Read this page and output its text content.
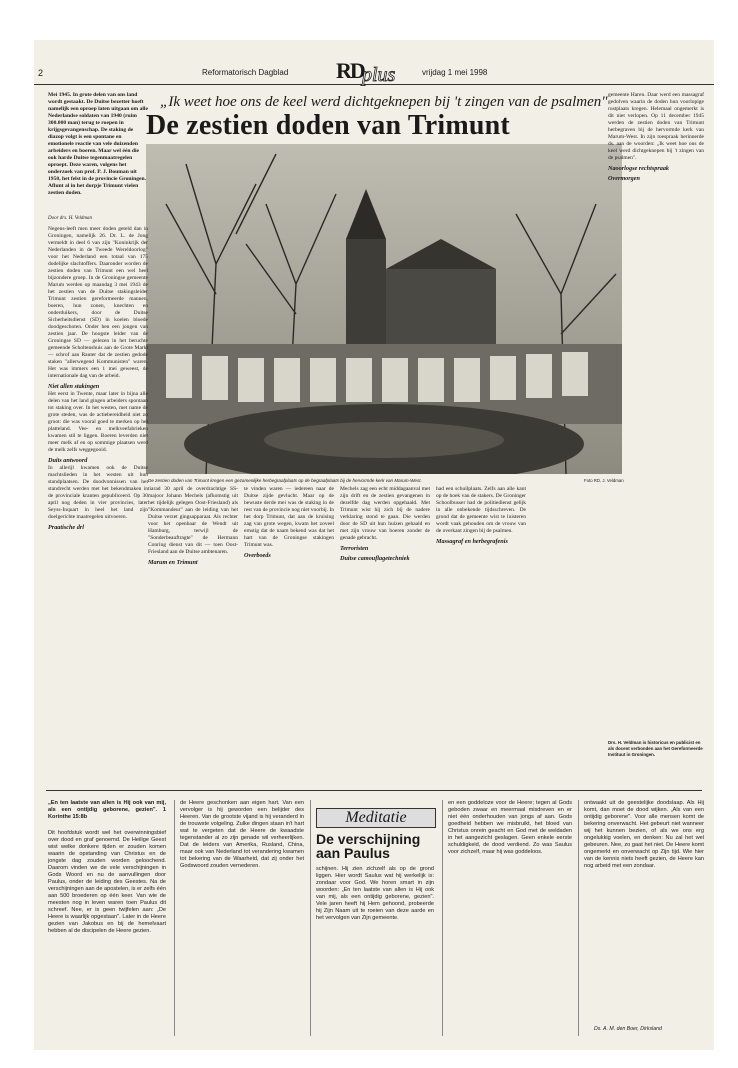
2	Reformatorisch Dagblad RD
plus	vrijdag 1 mei 1998
Mei 1945. In grote delen van ons land wordt gestaakt. De Duitse bezetter hoeft namelijk een oproep laten uitgaan om alle Nederlandse soldaten van 1940 (ruim 300.000 man) terug te roepen in krijgsgevangenschap. De staking de diazop volgt is een spontane en emotionele reactie van vele duizenden arbeiders en boeren. Maar wel één die ook harde Duitse tegenmaatregelen oproept. Deze waren, volgens het onderzoek van prof. P. J. Bouman uit 1950, het felst in de provincie Groningen. Aflunt al in het dorpje Trimunt vielen zestien doden.
Door drs. H. Veldman
„Ik weet hoe ons de keel werd dichtgeknepen bij 't zingen van de psalmen"
De zestien doden van Trimunt
De zestien doden van Trimunt kregen een gezamenlijke herbegraafplaats op de begraafplaats bij de hervormde kerk van Marum-West.	Foto RD, J. Veldman
Negens-leeft men meer doden geteld dan in Groningen, namelijk 26. Dr. L. de Jong vermeldt in deel 6 van zijn "Koninkrijk der Nederlanden in de Tweede Wereldoorlog" voor het Nederland een totaal van 175 dodelijke slachtoffers. Daaronder worden de zestien doden van Trimunt een wel heel bijzondere groep. In de Groningse gemeente Marum werden op maandag 3 mei 1943 de het zestien van de Duitse stakingsleider Trimunt zestien gereformeerde mannen, boeren, hun zonen, knechten en onderduikers, door de Duitse Sicherheitsdienst (SD) in koelen bloede doodgeschoten. Onder hen een jongen van zestien jaar. De hoogste leider van de Groningse SD — gelezen in het beruchte gemeende Scholtenshuis aan de Grote Markt — schrof aan Rauter dat de zestien gedode staken "allerwegend Kommunisten" waren. Het was immers een 1 mei geweest, de internationale dag van de arbeid.
Niet allen stakingen
Het eerst in Twente, maar later in bijna alle delen van het land gingen arbeiders spontaan tot staking over. In het westen, met name de grote steden, was de actiebereidheid niet zo groot: die was vooral goed te merken op het platteland. Vee- en melkveefabrieken kwamen stil te liggen. Boeren leverden niet meer melk af en op sommige plaatsen werd de melk zelfs weggegooid.
Duits antwoord
In allerijl kwamen ook de Duitse machtslieden in het westen uit hun standplaatsen. De doodvonnissen van het standrecht werden met het bekendmaken in de provinciale kranten gepubliceerd. Op 30 april nog deden in vier provincies, later Seyss-Inquart in heel het land zijn doelgerichte maatregelen uitvoeren.
Praatische drl
tiarad 30 april de overdrachtige SS-majoor Johann Mechels (afkomstig uit het tijdelijk gelegen Oost-Friesland) als "Kommandeur" aan de leiding van het Duitse verzet gingsapparaat. Als rechter voor het openbaar de Wendt uit Hamburg, terwijl de "Sonderbeauftragte" de Hermann Conring dienst van dit — toen Oost-Friesland aan de Duitse ambtenaren.
Marum en Trimunt
te vinden waren — iedereen naar de Duitse zijde gevlucht. Maar op de bewuste derde mei was de staking in de rest van de provincie nog niet voorbij. In het dorp Trimunt, dat aan de kruising zag van grote wegen, kwam het zoveel ernstig dat de naam bekend was dat het hart van de Groningse stakingen Trimunt was.
Overboeds
Mechels zag een echt middagaanval met zijn drift en de zestien gevangenen in dezelfde dag werden opgehaald. Met Trimunt wist hij zich bij de nadere verklaring stond te gaan. Die werden door de SD uit hun huizen gehaald en met zijn vrouw van boeren zonder de genade gebracht.
Terroristen
Duitse camouflagetechniek
had een schuilplaats. Zelfs aan alle kant op de hoek van de stakers. De Groninger Schoolbusser had de politiedienst gelijk in alle onbekende tijdsschreven. De grond dat de gemeente wist te luisteren wordt vaak gehouden om de vrouw van de overkant zingen bij de psalmen.
Massagraf en herbegrafenis
gemeente Haren. Daar werd een massagraf gedolven waarin de doden hun voorlopige rustplaats kregen. Helemaal ongemerkt is dit niet verlopen. Op 11 december 1945 werden de zestien doden van Trimunt herbegraven bij de hervormde kerk van Marum-West. In zijn toespraak herinnerde ds. aan de woorden: „Ik weet hoe ons de keel werd dichtgeknepen bij 't zingen van de psalmen".
Naoorlogse rechtspraak
Overmorgen
Drs. H. Veldman is historicus en publicist en als docent verbonden aan het Gereformeerde Instituut in Groningen.
„En ten laatste van allen is Hij ook van mij, als een ontijdig geborene, gezien". 1 Korinthe 15:8b
Dit hoofdstuk wordt wel het overwinningsbief over dood en graf genoemd. De Heilige Geest wist welke donkere tijden er zouden komen waarin de opstanding van Christus en de jongste dag zouden worden geloochend. Daarom vinden we de vele verschijningen in Gods Woord en nu de aanvullingen door Paulus, onder de leiding des Geestes. Na de verschijningen aan de apostelen, is er zelfs één aan 500 broederen op één keer. Van wie de meesten nog in leven waren toen Paulus dit schreef. Nee, er is geen twijfelen aan: „De Heere is waarlijk opgestaan". Later in de Heere gezien van Jakobus en bij de hemelvaart hebben al de discipelen de Heere gezien.
de Heere geschonken aan eigen hart. Van een vervolger is hij geworden een belijder des Heeren. Van de grootste vijand is hij veranderd in de trouwste volgeling. Zulke dingen staan in't hart wat te vergeten dat de Heere de kwaadste tegenstander al zo zijn genade wil verheerlijken. Dat de leiders van Amerika, Rusland, China, maar ook van Nederland tot verandering kwamen tot bekering van de Waarheid, dat zij onder het Godswoord zouden vernederen.
Meditatie
De verschijning aan Paulus
schijnen. Hij zien zichzelf als op de grond liggen. Hier wordt Saulus wat hij werkelijk is: zondaar voor God. We horen smart in zijn woorden: „En ten laatste van allen is Hij ook van mij, als een ontijdig geborene, gezien". Vele jaren heeft hij Hem gehoond, probeerde hij Zijn Naam uit te roeien van deze aarde en het vervolgen van Zijn gemeente.
en een goddeloze voor de Heere; tegen al Gods geboden zwaar en meermaal misdreven en er niet één onderhouden van jongs af aan. Gods goedheid hebben we misbruikt, het bloed van Christus onrein geacht en God met de weldaden in het aangezicht geslagen. Geen enkele eerste schuldigkeid, de dood verdiend. Zo was Saulus voor zichzelf, maar hij was goddeloos.
ontwaakt uit de geestelijke doodslaap. Als Hij komt, dan moet de dood wijken. „Als van een ontijdig geborene". Voor alle mensen komt de bekering onverwacht. Het gebeurt niet wanneer wij het kunnen bezien, of als we ons erg ongelukkig voelen, en denken: Nu zal het wel gebeuren. Nee, zo gaat het niet. De Heere komt ongemerkt en onverwacht op Zijn tijd. Wie hier van de kennis niets heeft gezien, de Heere kan nog arbeid met een zondaar.
Ds. A. M. den Boer, Dirksland
